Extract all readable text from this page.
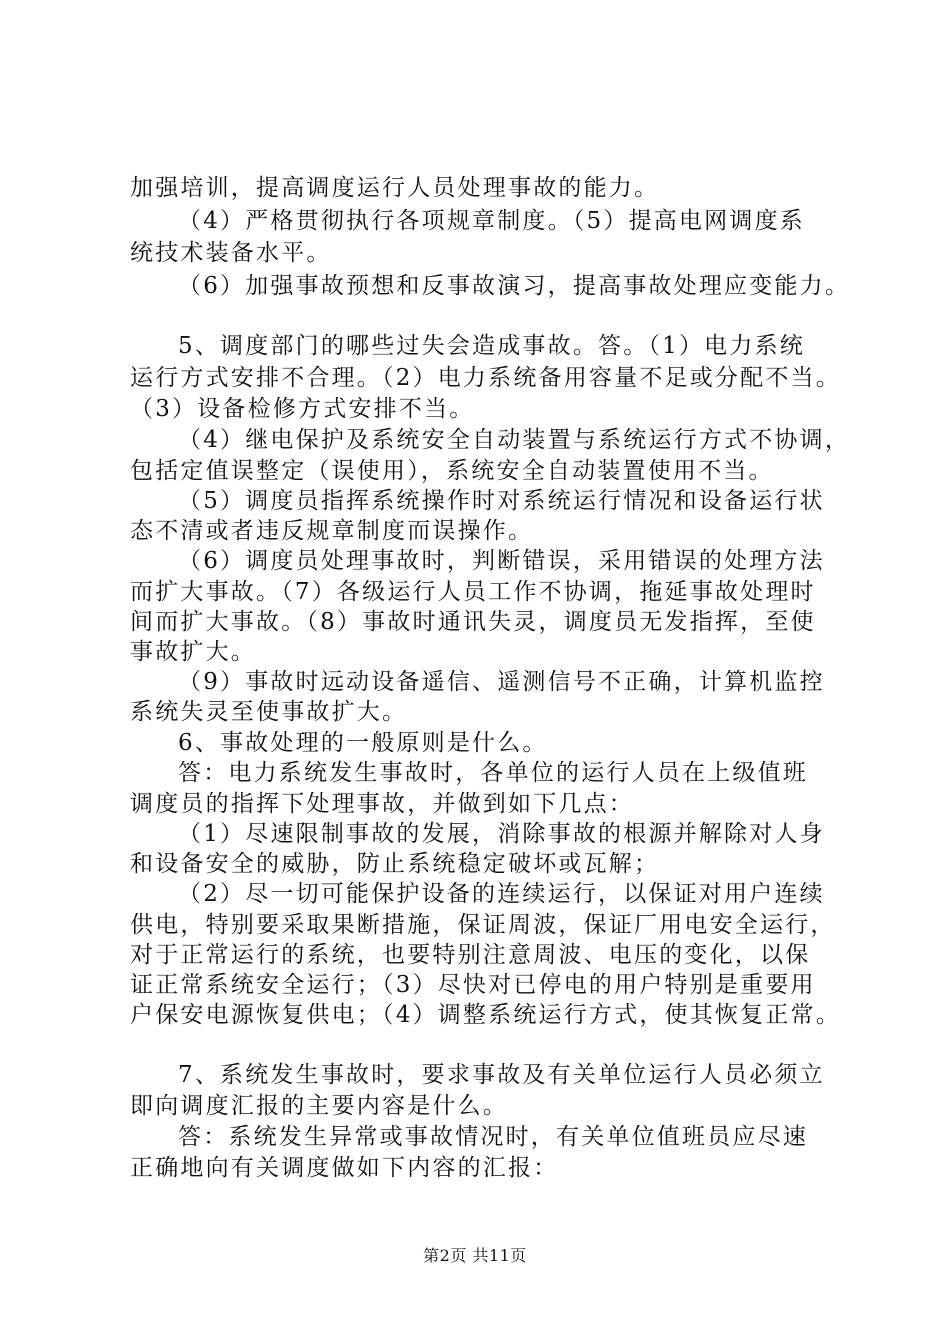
加强培训，提高调度运行人员处理事故的能力。
（4）严格贯彻执行各项规章制度。（5）提高电网调度系
统技术装备水平。
（6）加强事故预想和反事故演习，提高事故处理应变能力。
5、调度部门的哪些过失会造成事故。答。（1）电力系统
运行方式安排不合理。（2）电力系统备用容量不足或分配不当。
（3）设备检修方式安排不当。
（4）继电保护及系统安全自动装置与系统运行方式不协调，
包括定值误整定（误使用），系统安全自动装置使用不当。
（5）调度员指挥系统操作时对系统运行情况和设备运行状
态不清或者违反规章制度而误操作。
（6）调度员处理事故时，判断错误，采用错误的处理方法
而扩大事故。（7）各级运行人员工作不协调，拖延事故处理时
间而扩大事故。（8）事故时通讯失灵，调度员无发指挥，至使
事故扩大。
（9）事故时远动设备遥信、遥测信号不正确，计算机监控
系统失灵至使事故扩大。
6、事故处理的一般原则是什么。
答：电力系统发生事故时，各单位的运行人员在上级值班
调度员的指挥下处理事故，并做到如下几点：
（1）尽速限制事故的发展，消除事故的根源并解除对人身
和设备安全的威胁，防止系统稳定破坏或瓦解；
（2）尽一切可能保护设备的连续运行，以保证对用户连续
供电，特别要采取果断措施，保证周波，保证厂用电安全运行，
对于正常运行的系统，也要特别注意周波、电压的变化，以保
证正常系统安全运行；（3）尽快对已停电的用户特别是重要用
户保安电源恢复供电；（4）调整系统运行方式，使其恢复正常。
7、系统发生事故时，要求事故及有关单位运行人员必须立
即向调度汇报的主要内容是什么。
答：系统发生异常或事故情况时，有关单位值班员应尽速
正确地向有关调度做如下内容的汇报：
第2页 共11页
